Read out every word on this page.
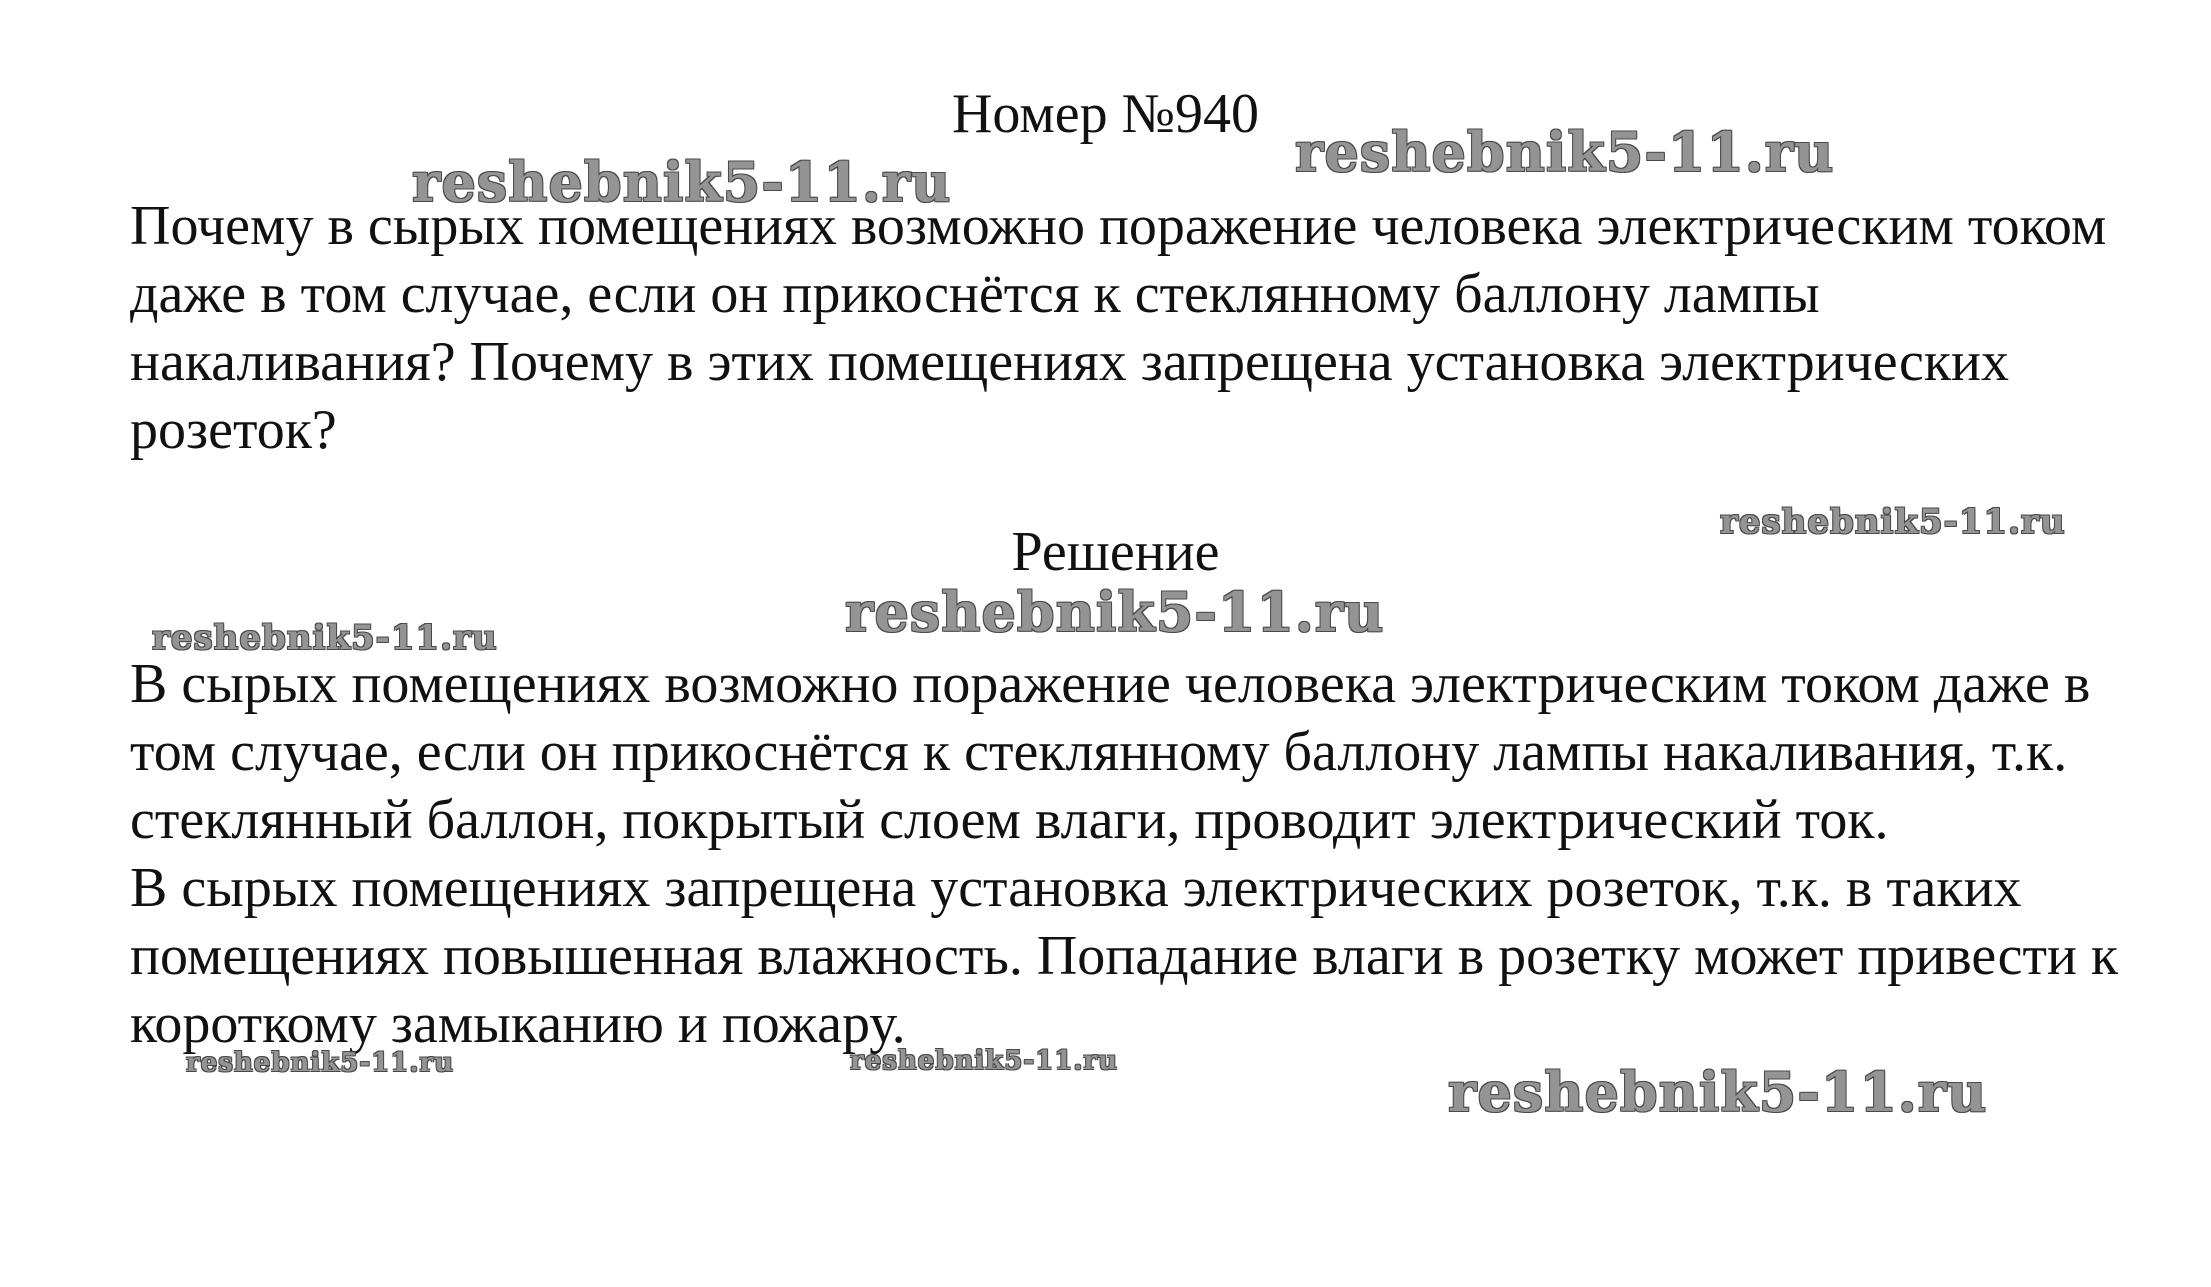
Номер №940

Почему в сырых помещениях возможно поражение человека электрическим током даже в том случае, если он прикоснётся к стеклянному баллону лампы накаливания? Почему в этих помещениях запрещена установка электрических розеток?

Решение

В сырых помещениях возможно поражение человека электрическим током даже в том случае, если он прикоснётся к стеклянному баллону лампы накаливания, т.к. стеклянный баллон, покрытый слоем влаги, проводит электрический ток.

В сырых помещениях запрещена установка электрических розеток, т.к. в таких помещениях повышенная влажность. Попадание влаги в розетку может привести к короткому замыканию и пожару.

reshebnik5-11.ru	reshebnik5-11.ru
reshebnik5-11.ru
reshebnik5-11.ru
reshebnik5-11.ru
reshebnik5-11.ru	reshebnik5-11.ru	reshebnik5-11.ru
